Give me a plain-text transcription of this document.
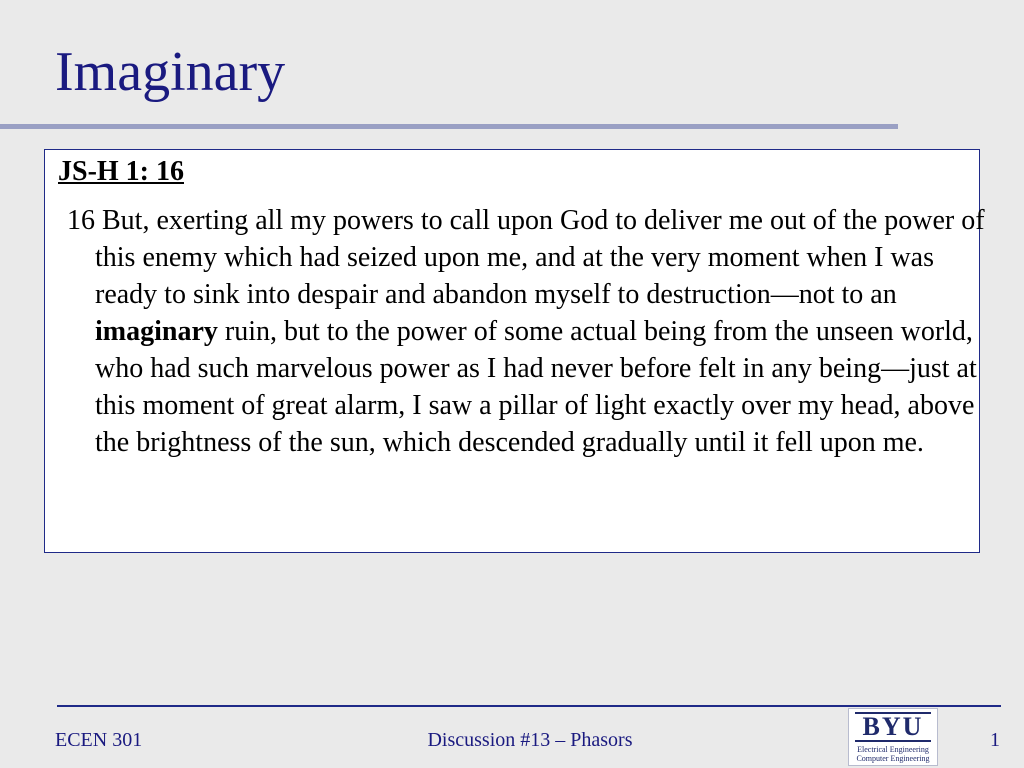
Imaginary
JS-H 1: 16

16 But, exerting all my powers to call upon God to deliver me out of the power of this enemy which had seized upon me, and at the very moment when I was ready to sink into despair and abandon myself to destruction—not to an imaginary ruin, but to the power of some actual being from the unseen world, who had such marvelous power as I had never before felt in any being—just at this moment of great alarm, I saw a pillar of light exactly over my head, above the brightness of the sun, which descended gradually until it fell upon me.

ECEN 301	Discussion #13 – Phasors	BYU
Electrical Engineering
Computer Engineering
1
